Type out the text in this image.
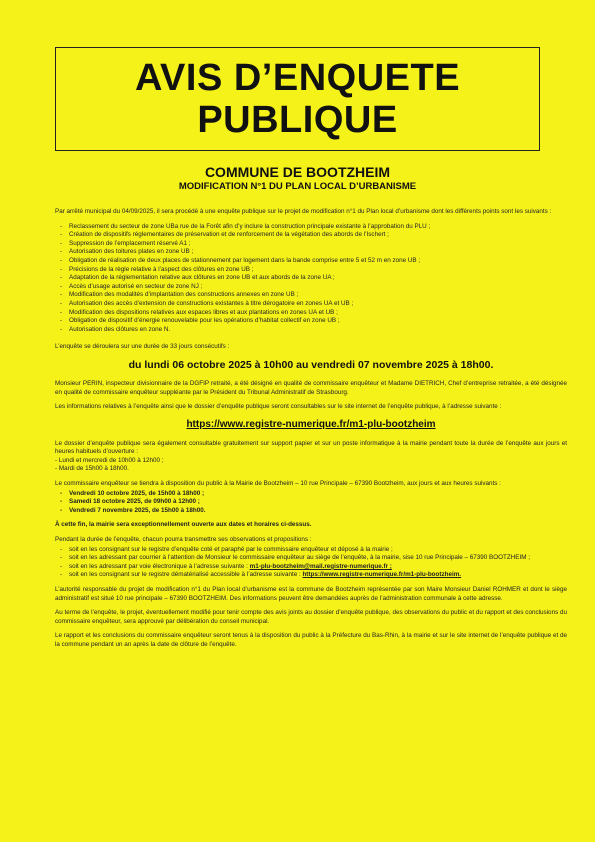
AVIS D’ENQUETE
PUBLIQUE
COMMUNE DE BOOTZHEIM
MODIFICATION N°1 DU PLAN LOCAL D’URBANISME

Par arrêté municipal du 04/09/2025, il sera procédé à une enquête publique sur le projet de modification n°1 du Plan local d’urbanisme dont les différents points sont les suivants :

- Reclassement du secteur de zone UBa rue de la Forêt afin d’y inclure la construction principale existante à l’approbation du PLU ;
- Création de dispositifs réglementaires de préservation et de renforcement de la végétation des abords de l’Ischert ;
- Suppression de l’emplacement réservé A1 ;
- Autorisation des toitures plates en zone UB ;
- Obligation de réalisation de deux places de stationnement par logement dans la bande comprise entre 5 et 52 m en zone UB ;
- Précisions de la règle relative à l’aspect des clôtures en zone UB ;
- Adaptation de la réglementation relative aux clôtures en zone UB et aux abords de la zone UA ;
- Accès d’usage autorisé en secteur de zone NJ ;
- Modification des modalités d’implantation des constructions annexes en zone UB ;
- Autorisation des accès d’extension de constructions existantes à titre dérogatoire en zones UA et UB ;
- Modification des dispositions relatives aux espaces libres et aux plantations en zones UA et UB ;
- Obligation de dispositif d’énergie renouvelable pour les opérations d’habitat collectif en zone UB ;
- Autorisation des clôtures en zone N.

L’enquête se déroulera sur une durée de 33 jours consécutifs :

du lundi 06 octobre 2025 à 10h00 au vendredi 07 novembre 2025 à 18h00.

Monsieur PERIN, inspecteur divisionnaire de la DGFIP retraité, a été désigné en qualité de commissaire enquêteur et Madame DIETRICH, Chef d’entreprise retraitée, a été désignée en qualité de commissaire enquêteur suppléante par le Président du Tribunal Administratif de Strasbourg.

Les informations relatives à l’enquête ainsi que le dossier d’enquête publique seront consultables sur le site internet de l’enquête publique, à l’adresse suivante :

https://www.registre-numerique.fr/m1-plu-bootzheim

Le dossier d’enquête publique sera également consultable gratuitement sur support papier et sur un poste informatique à la mairie pendant toute la durée de l’enquête aux jours et heures habituels d’ouverture :

- Lundi et mercredi de 10h00 à 12h00 ;
- Mardi de 15h00 à 18h00.

Le commissaire enquêteur se tiendra à disposition du public à la Mairie de Bootzheim – 10 rue Principale – 67390 Bootzheim, aux jours et aux heures suivants :

- Vendredi 10 octobre 2025, de 15h00 à 18h00 ;
- Samedi 18 octobre 2025, de 09h00 à 12h00 ;
- Vendredi 7 novembre 2025, de 15h00 à 18h00.

À cette fin, la mairie sera exceptionnellement ouverte aux dates et horaires ci-dessus.

Pendant la durée de l’enquête, chacun pourra transmettre ses observations et propositions :

- soit en les consignant sur le registre d’enquête coté et paraphé par le commissaire enquêteur et déposé à la mairie ;
- soit en les adressant par courrier à l’attention de Monsieur le commissaire enquêteur au siège de l’enquête, à la mairie, sise 10 rue Principale – 67390 BOOTZHEIM ;
- soit en les adressant par voie électronique à l’adresse suivante : m1-plu-bootzheim@mail.registre-numerique.fr ;
- soit en les consignant sur le registre dématérialisé accessible à l’adresse suivante : https://www.registre-numerique.fr/m1-plu-bootzheim.

L’autorité responsable du projet de modification n°1 du Plan local d’urbanisme est la commune de Bootzheim représentée par son Maire Monsieur Daniel ROHMER et dont le siège administratif est situé 10 rue principale – 67390 BOOTZHEIM. Des informations peuvent être demandées auprès de l’administration communale à cette adresse.

Au terme de l’enquête, le projet, éventuellement modifié pour tenir compte des avis joints au dossier d’enquête publique, des observations du public et du rapport et des conclusions du commissaire enquêteur, sera approuvé par délibération du conseil municipal.

Le rapport et les conclusions du commissaire enquêteur seront tenus à la disposition du public à la Préfecture du Bas-Rhin, à la mairie et sur le site internet de l’enquête publique et de la commune pendant un an après la date de clôture de l’enquête.
